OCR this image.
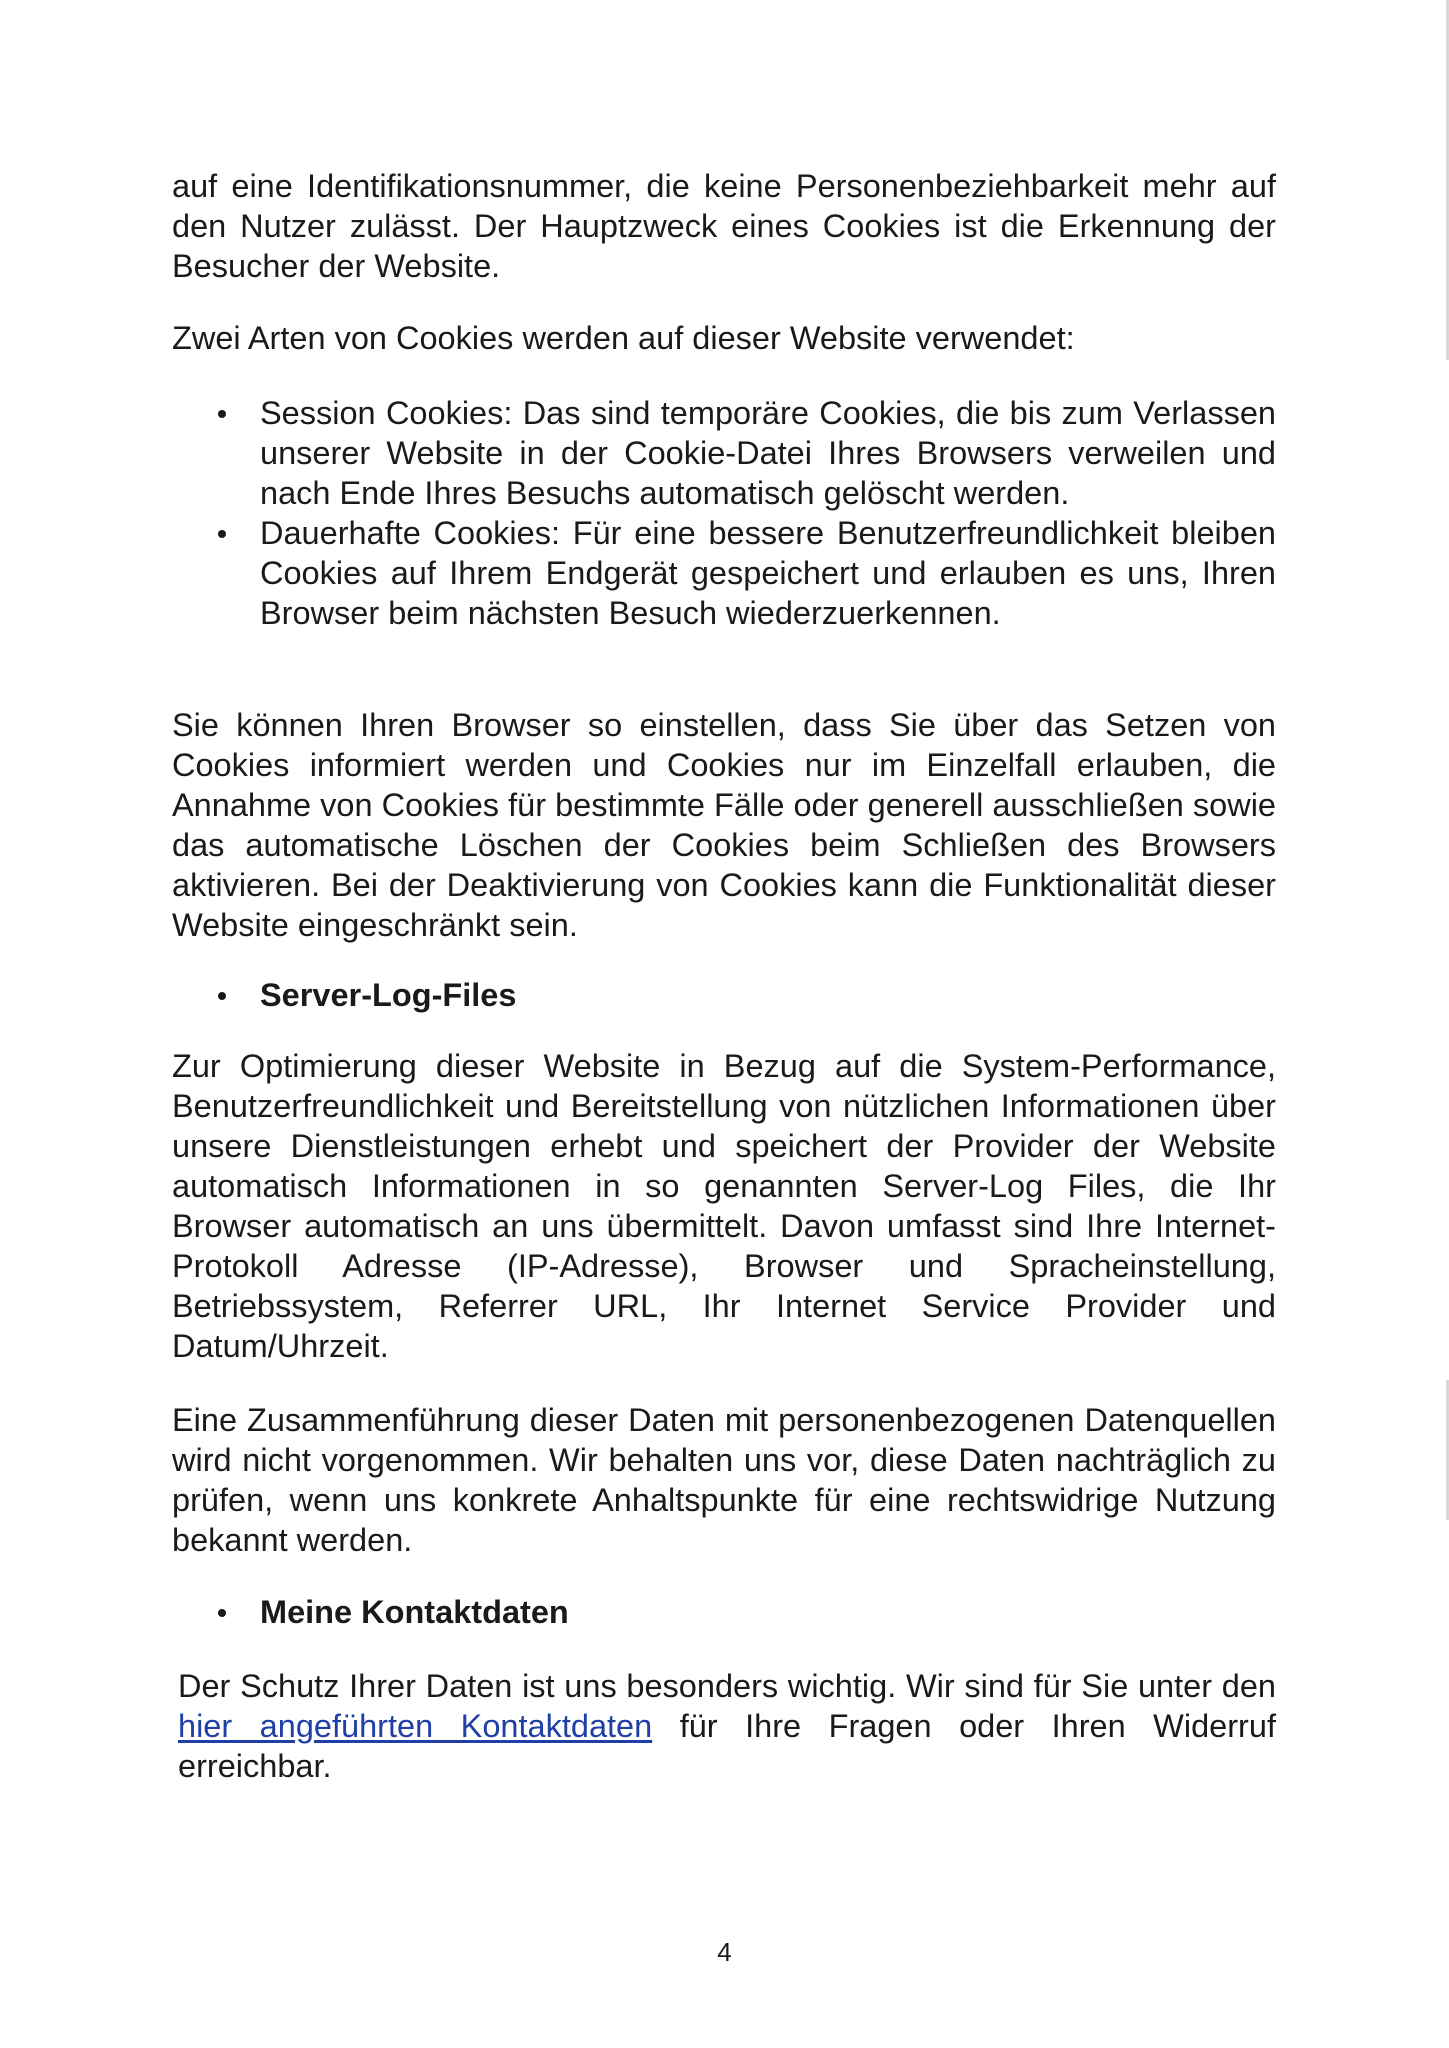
auf eine Identifikationsnummer, die keine Personenbeziehbarkeit mehr auf den Nutzer zulässt. Der Hauptzweck eines Cookies ist die Erkennung der Besucher der Website.

Zwei Arten von Cookies werden auf dieser Website verwendet:

Session Cookies: Das sind temporäre Cookies, die bis zum Verlassen unserer Website in der Cookie-Datei Ihres Browsers verweilen und nach Ende Ihres Besuchs automatisch gelöscht werden.
Dauerhafte Cookies: Für eine bessere Benutzerfreundlichkeit bleiben Cookies auf Ihrem Endgerät gespeichert und erlauben es uns, Ihren Browser beim nächsten Besuch wiederzuerkennen.

Sie können Ihren Browser so einstellen, dass Sie über das Setzen von Cookies informiert werden und Cookies nur im Einzelfall erlauben, die Annahme von Cookies für bestimmte Fälle oder generell ausschließen sowie das automatische Löschen der Cookies beim Schließen des Browsers aktivieren. Bei der Deaktivierung von Cookies kann die Funktionalität dieser Website eingeschränkt sein.

Server-Log-Files

Zur Optimierung dieser Website in Bezug auf die System-Performance, Benutzerfreundlichkeit und Bereitstellung von nützlichen Informationen über unsere Dienstleistungen erhebt und speichert der Provider der Website automatisch Informationen in so genannten Server-Log Files, die Ihr Browser automatisch an uns übermittelt. Davon umfasst sind Ihre Internet-Protokoll Adresse (IP-Adresse), Browser und Spracheinstellung, Betriebssystem, Referrer URL, Ihr Internet Service Provider und Datum/Uhrzeit.

Eine Zusammenführung dieser Daten mit personenbezogenen Datenquellen wird nicht vorgenommen. Wir behalten uns vor, diese Daten nachträglich zu prüfen, wenn uns konkrete Anhaltspunkte für eine rechtswidrige Nutzung bekannt werden.

Meine Kontaktdaten

Der Schutz Ihrer Daten ist uns besonders wichtig. Wir sind für Sie unter den hier angeführten Kontaktdaten für Ihre Fragen oder Ihren Widerruf erreichbar.

4
